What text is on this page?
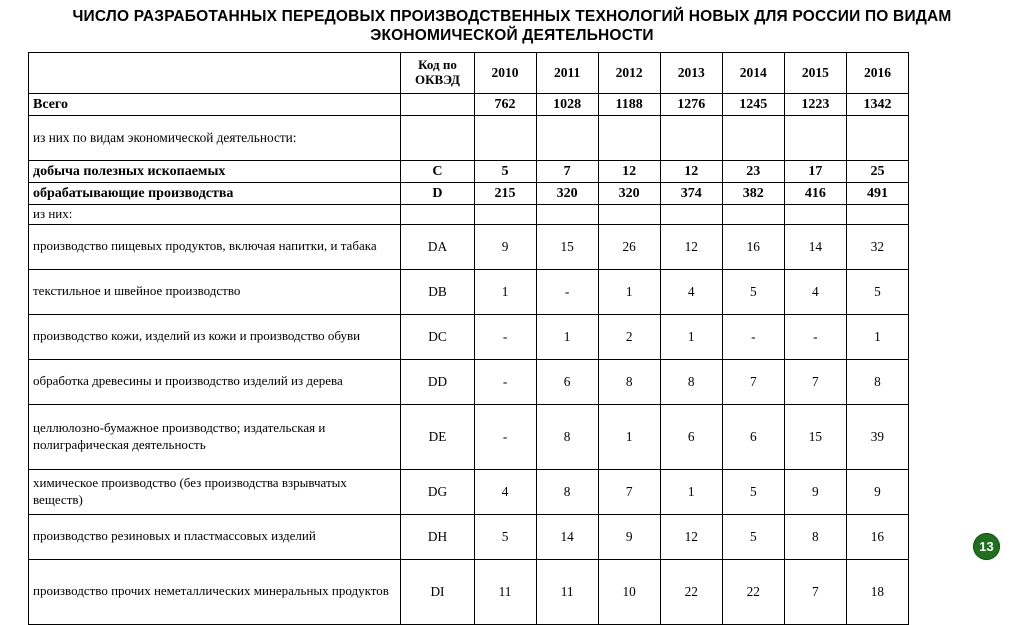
ЧИСЛО РАЗРАБОТАННЫХ ПЕРЕДОВЫХ ПРОИЗВОДСТВЕННЫХ ТЕХНОЛОГИЙ НОВЫХ ДЛЯ РОССИИ ПО ВИДАМ ЭКОНОМИЧЕСКОЙ ДЕЯТЕЛЬНОСТИ
	Код по ОКВЭД	2010	2011	2012	2013	2014	2015	2016
Всего		762	1028	1188	1276	1245	1223	1342
из них по видам экономической деятельности:								
добыча полезных ископаемых	C	5	7	12	12	23	17	25
обрабатывающие производства	D	215	320	320	374	382	416	491
из них:								
производство пищевых продуктов, включая напитки, и табака	DA	9	15	26	12	16	14	32
текстильное и швейное производство	DB	1	-	1	4	5	4	5
производство кожи, изделий из кожи и производство обуви	DC	-	1	2	1	-	-	1
обработка древесины и производство изделий из дерева	DD	-	6	8	8	7	7	8
целлюлозно-бумажное производство; издательская и полиграфическая деятельность	DE	-	8	1	6	6	15	39
химическое производство (без производства взрывчатых веществ)	DG	4	8	7	1	5	9	9
производство резиновых и пластмассовых изделий	DH	5	14	9	12	5	8	16
производство прочих неметаллических минеральных продуктов	DI	11	11	10	22	22	7	18
13
